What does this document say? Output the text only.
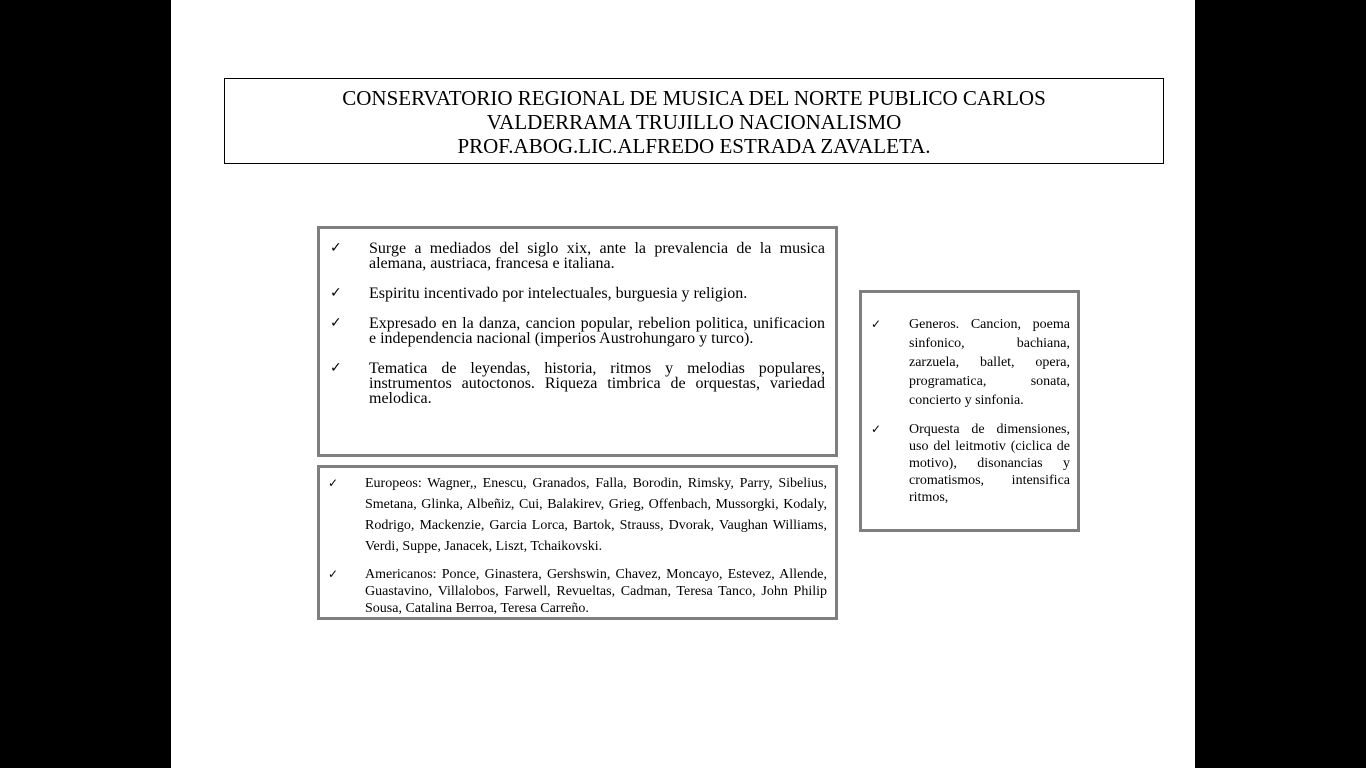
CONSERVATORIO REGIONAL DE MUSICA DEL NORTE PUBLICO CARLOS
VALDERRAMA TRUJILLO NACIONALISMO
PROF.ABOG.LIC.ALFREDO ESTRADA ZAVALETA.
✓	Surge a mediados del siglo xix, ante la prevalencia de la musica alemana, austriaca, francesa e italiana.
✓	Espiritu incentivado por intelectuales, burguesia y religion.
✓	Expresado en la danza, cancion popular, rebelion politica, unificacion e independencia nacional (imperios Austrohungaro y turco).
✓	Tematica de leyendas, historia, ritmos y melodias populares, instrumentos autoctonos. Riqueza timbrica de orquestas, variedad melodica.
✓	Europeos: Wagner,, Enescu, Granados, Falla, Borodin, Rimsky, Parry, Sibelius, Smetana, Glinka, Albeñiz, Cui, Balakirev, Grieg, Offenbach, Mussorgki, Kodaly, Rodrigo, Mackenzie, Garcia Lorca, Bartok, Strauss, Dvorak, Vaughan Williams, Verdi, Suppe, Janacek, Liszt, Tchaikovski.
✓	Americanos: Ponce, Ginastera, Gershswin, Chavez, Moncayo, Estevez, Allende, Guastavino, Villalobos, Farwell, Revueltas, Cadman, Teresa Tanco, John Philip Sousa, Catalina Berroa, Teresa Carreño.
✓	Generos. Cancion, poema sinfonico, bachiana, zarzuela, ballet, opera, programatica, sonata, concierto y sinfonia.
✓	Orquesta de dimensiones, uso del leitmotiv (ciclica de motivo), disonancias y cromatismos, intensifica ritmos,
